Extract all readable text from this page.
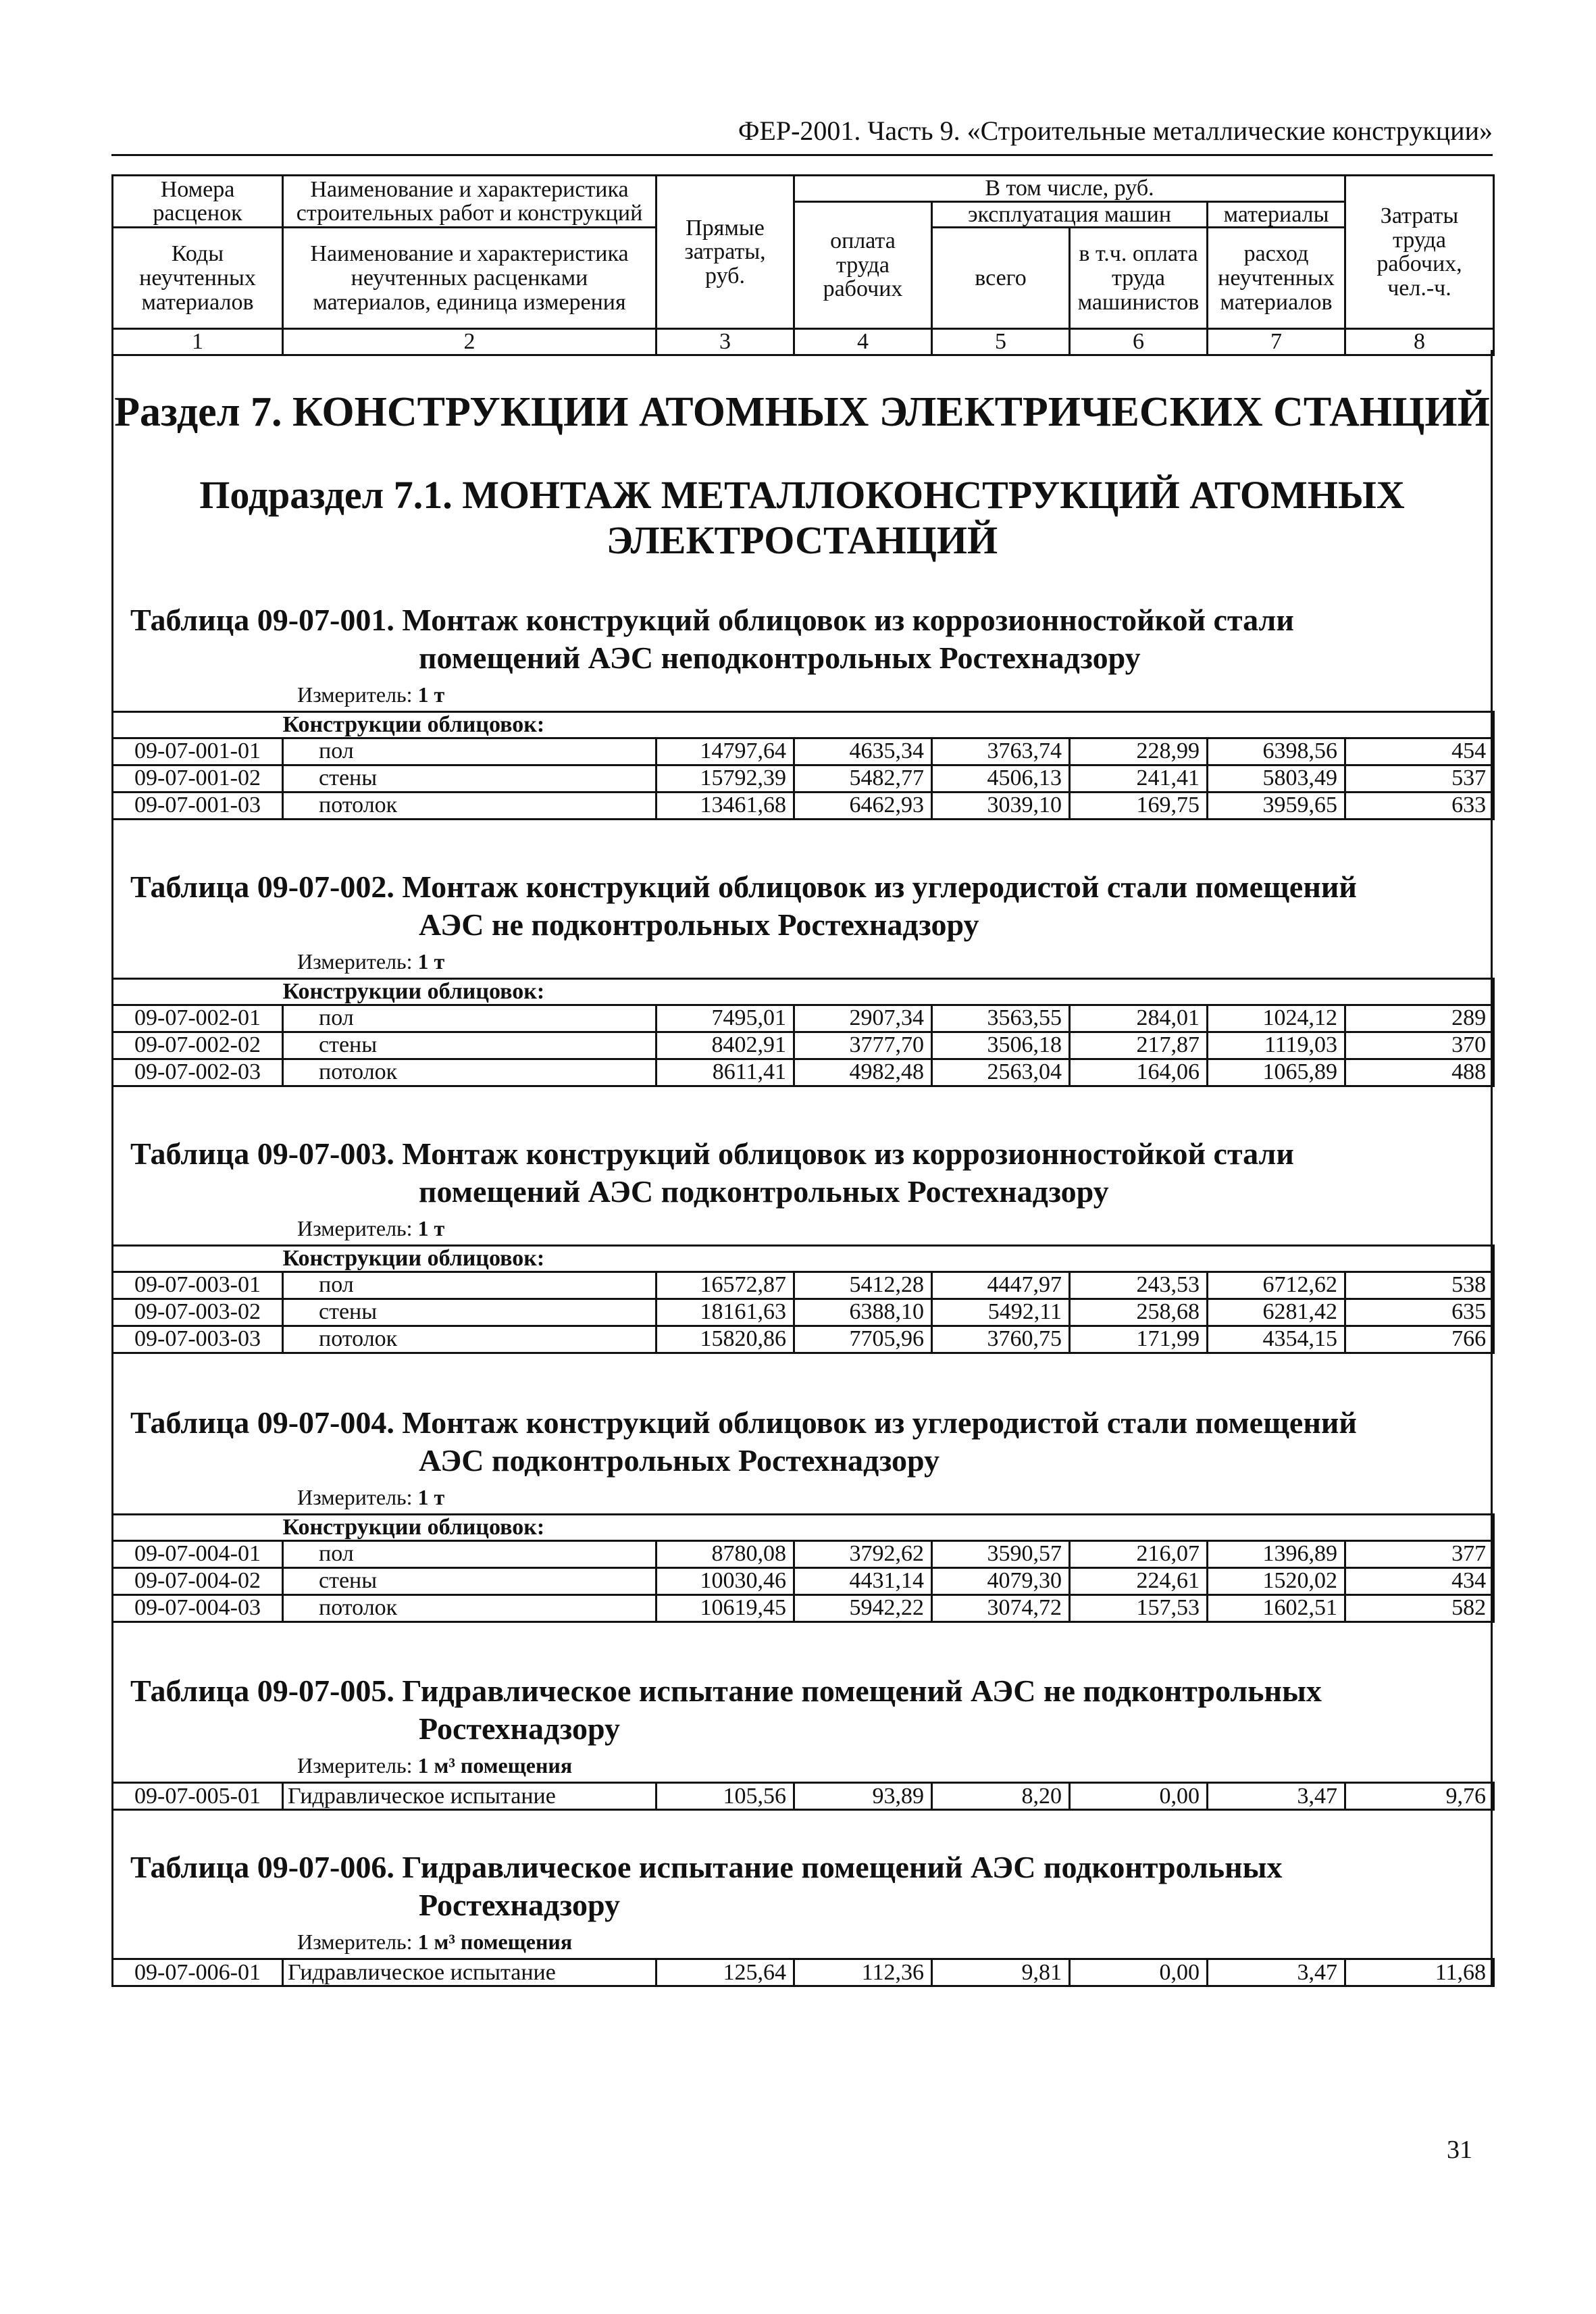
ФЕР-2001. Часть 9. «Строительные металлические конструкции»
Номера расценок	Наименование и характеристика строительных работ и конструкций	Прямые затраты, руб.	В том числе, руб.				Затраты труда рабочих, чел.-ч.
			оплата труда рабочих	эксплуатация машин		материалы	
Коды неучтенных материалов	Наименование и характеристика неучтенных расценками материалов, единица измерения			всего	в т.ч. оплата труда машинистов	расход неучтенных материалов	

1	2	3	4	5	6	7	8
Раздел 7. КОНСТРУКЦИИ АТОМНЫХ ЭЛЕКТРИЧЕСКИХ СТАНЦИЙ
Подраздел 7.1. МОНТАЖ МЕТАЛЛОКОНСТРУКЦИЙ АТОМНЫХ
ЭЛЕКТРОСТАНЦИЙ
Таблица 09-07-001. Монтаж конструкций облицовок из коррозионностойкой стали
помещений АЭС неподконтрольных Ростехнадзору
Измеритель: 1 т
	Конструкции облицовок:						
09-07-001-01	пол	14797,64	4635,34	3763,74	228,99	6398,56	454
09-07-001-02	стены	15792,39	5482,77	4506,13	241,41	5803,49	537
09-07-001-03	потолок	13461,68	6462,93	3039,10	169,75	3959,65	633
Таблица 09-07-002. Монтаж конструкций облицовок из углеродистой стали помещений
АЭС не подконтрольных Ростехнадзору
Измеритель: 1 т
	Конструкции облицовок:						
09-07-002-01	пол	7495,01	2907,34	3563,55	284,01	1024,12	289
09-07-002-02	стены	8402,91	3777,70	3506,18	217,87	1119,03	370
09-07-002-03	потолок	8611,41	4982,48	2563,04	164,06	1065,89	488
Таблица 09-07-003. Монтаж конструкций облицовок из коррозионностойкой стали
помещений АЭС подконтрольных Ростехнадзору
Измеритель: 1 т
	Конструкции облицовок:						
09-07-003-01	пол	16572,87	5412,28	4447,97	243,53	6712,62	538
09-07-003-02	стены	18161,63	6388,10	5492,11	258,68	6281,42	635
09-07-003-03	потолок	15820,86	7705,96	3760,75	171,99	4354,15	766
Таблица 09-07-004. Монтаж конструкций облицовок из углеродистой стали помещений
АЭС подконтрольных Ростехнадзору
Измеритель: 1 т
	Конструкции облицовок:						
09-07-004-01	пол	8780,08	3792,62	3590,57	216,07	1396,89	377
09-07-004-02	стены	10030,46	4431,14	4079,30	224,61	1520,02	434
09-07-004-03	потолок	10619,45	5942,22	3074,72	157,53	1602,51	582
Таблица 09-07-005. Гидравлическое испытание помещений АЭС не подконтрольных
Ростехнадзору
Измеритель: 1 м³ помещения
09-07-005-01	Гидравлическое испытание	105,56	93,89	8,20	0,00	3,47	9,76
Таблица 09-07-006. Гидравлическое испытание помещений АЭС подконтрольных
Ростехнадзору
Измеритель: 1 м³ помещения
09-07-006-01	Гидравлическое испытание	125,64	112,36	9,81	0,00	3,47	11,68
31
